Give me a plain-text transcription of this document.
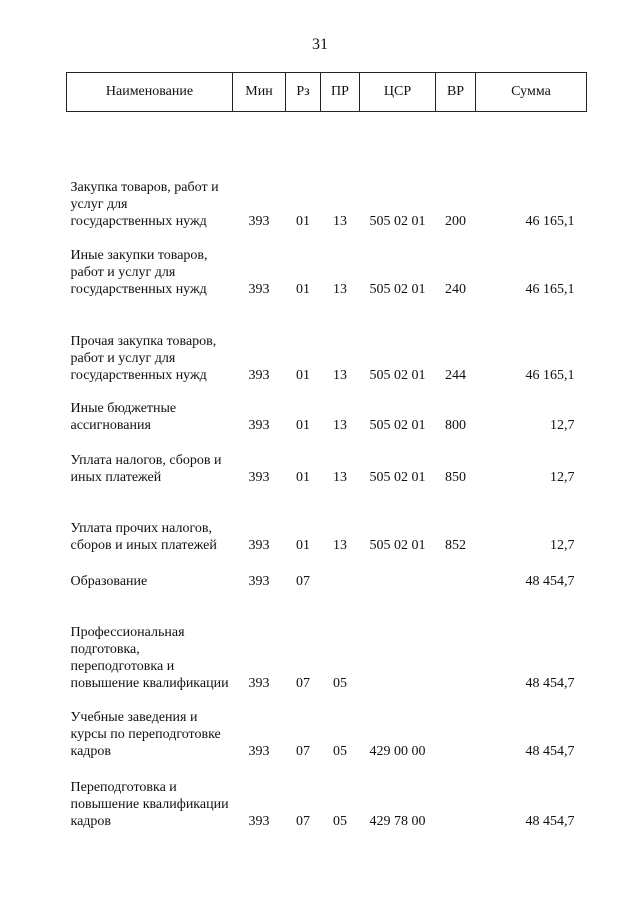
31
Наименование	Мин	Рз	ПР	ЦСР	ВР	Сумма
Закупка товаров, работ и услуг для государственных нужд	393	01	13	505 02 01	200	46 165,1
Иные закупки товаров, работ и услуг для государственных нужд	393	01	13	505 02 01	240	46 165,1
Прочая закупка товаров, работ и услуг для государственных нужд	393	01	13	505 02 01	244	46 165,1
Иные бюджетные ассигнования	393	01	13	505 02 01	800	12,7
Уплата налогов, сборов и иных платежей	393	01	13	505 02 01	850	12,7
Уплата прочих налогов, сборов и иных платежей	393	01	13	505 02 01	852	12,7
Образование	393	07				48 454,7
Профессиональная подготовка, переподготовка и повышение квалификации	393	07	05			48 454,7
Учебные заведения и курсы по переподготовке кадров	393	07	05	429 00 00		48 454,7
Переподготовка и повышение квалификации кадров	393	07	05	429 78 00		48 454,7
